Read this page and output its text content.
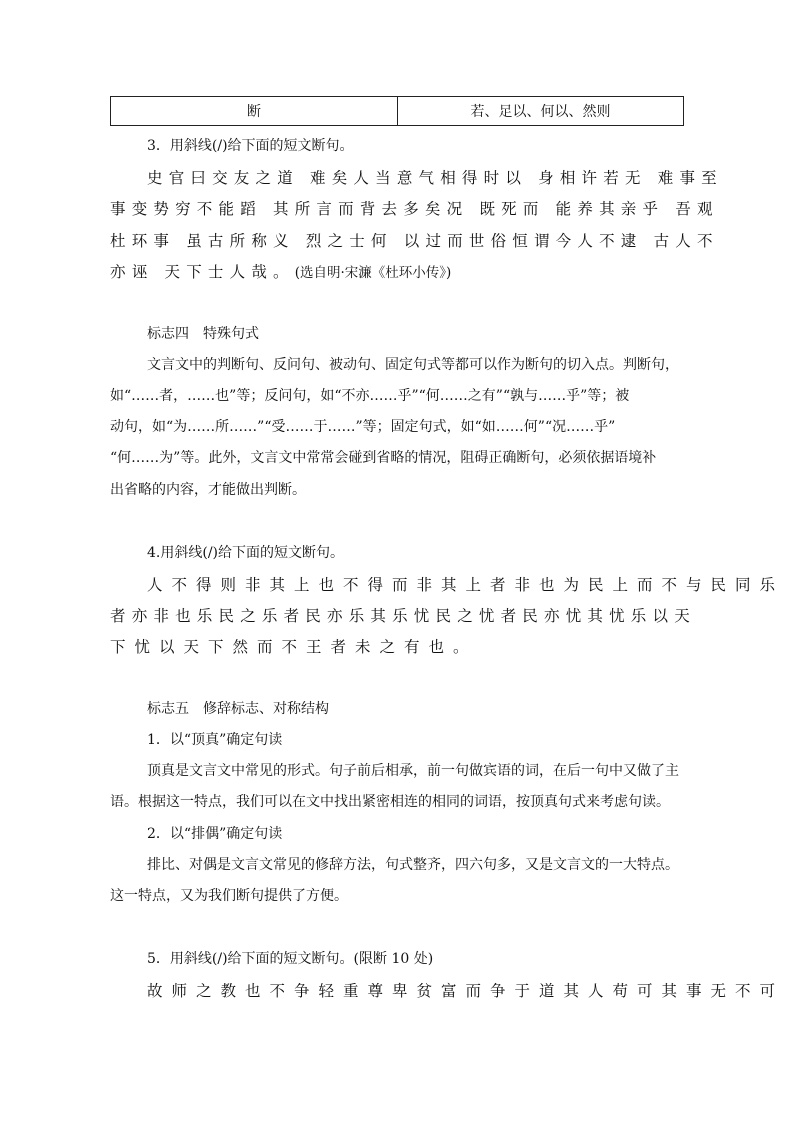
断	若、足以、何以、然则
3．用斜线(/)给下面的短文断句。
史官曰交友之道 难矣人当意气相得时以 身相许若无 难事至
事变势穷不能蹈 其所言而背去多矣况 既死而 能养其亲乎 吾观
杜环事 虽古所称义 烈之士何 以过而世俗恒谓今人不逮 古人不
亦诬 天下士人哉。(选自明·宋濂《杜环小传》)
标志四　特殊句式
文言文中的判断句、反问句、被动句、固定句式等都可以作为断句的切入点。判断句，
如“……者，……也”等；反问句，如“不亦……乎”“何……之有”“孰与……乎”等；被
动句，如“为……所……”“受……于……”等；固定句式，如“如……何”“况……乎”
“何……为”等。此外，文言文中常常会碰到省略的情况，阻碍正确断句，必须依据语境补
出省略的内容，才能做出判断。
4.用斜线(/)给下面的短文断句。
人不得则非其上也不得而非其上者非也为民上而不与民同乐
者亦非也乐民之乐者民亦乐其乐忧民之忧者民亦忧其忧乐以天
下忧以天下然而不王者未之有也。
标志五　修辞标志、对称结构
1．以“顶真”确定句读
顶真是文言文中常见的形式。句子前后相承，前一句做宾语的词，在后一句中又做了主
语。根据这一特点，我们可以在文中找出紧密相连的相同的词语，按顶真句式来考虑句读。
2．以“排偶”确定句读
排比、对偶是文言文常见的修辞方法，句式整齐，四六句多，又是文言文的一大特点。
这一特点，又为我们断句提供了方便。
5．用斜线(/)给下面的短文断句。(限断 10 处)
故师之教也不争轻重尊卑贫富而争于道其人苟可其事无不可
